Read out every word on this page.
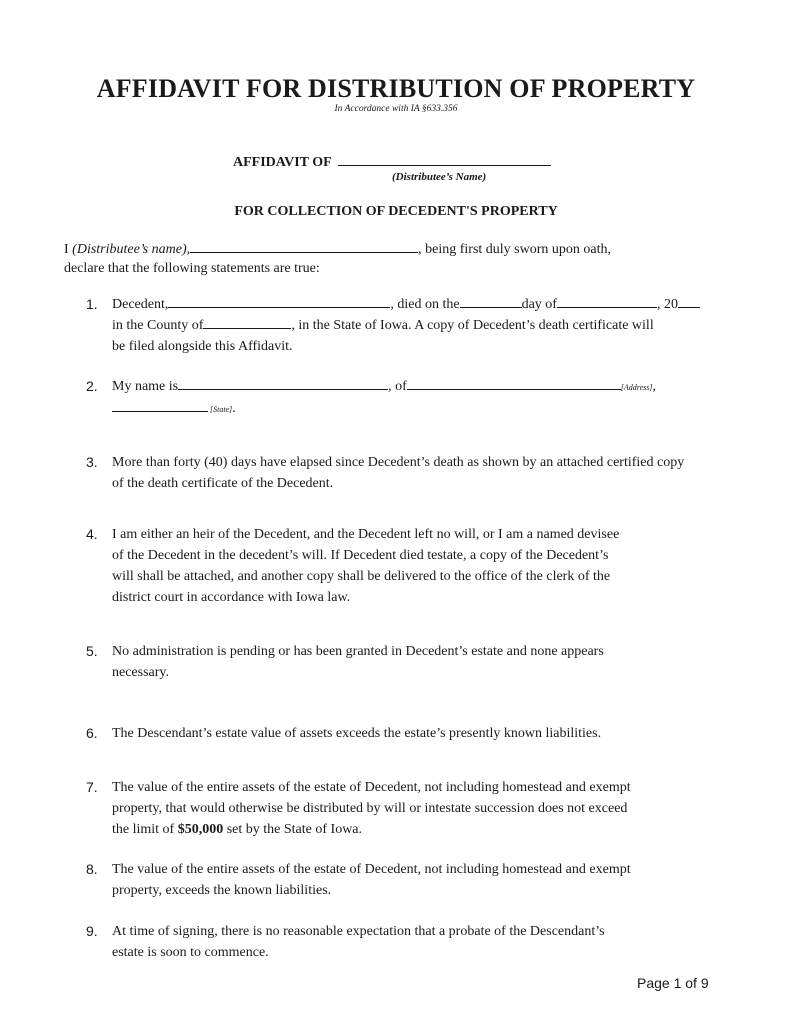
AFFIDAVIT FOR DISTRIBUTION OF PROPERTY
In Accordance with IA §633.356
AFFIDAVIT OF
(Distributee’s Name)
FOR COLLECTION OF DECEDENT'S PROPERTY
I (Distributee’s name),	, being first duly sworn upon oath,
declare that the following statements are true:
1.	Decedent,	, died on the	day of	, 20
in the County of	, in the State of Iowa. A copy of Decedent’s death certificate will
be filed alongside this Affidavit.
2.	My name is	, of	[Address],
[State].
3.	More than forty (40) days have elapsed since Decedent’s death as shown by an attached certified copy
of the death certificate of the Decedent.
4.	I am either an heir of the Decedent, and the Decedent left no will, or I am a named devisee
of the Decedent in the decedent’s will. If Decedent died testate, a copy of the Decedent’s
will shall be attached, and another copy shall be delivered to the office of the clerk of the
district court in accordance with Iowa law.
5.	No administration is pending or has been granted in Decedent’s estate and none appears
necessary.
6.	The Descendant’s estate value of assets exceeds the estate’s presently known liabilities.
7.	The value of the entire assets of the estate of Decedent, not including homestead and exempt
property, that would otherwise be distributed by will or intestate succession does not exceed
the limit of $50,000 set by the State of Iowa.
8.	The value of the entire assets of the estate of Decedent, not including homestead and exempt
property, exceeds the known liabilities.
9.	At time of signing, there is no reasonable expectation that a probate of the Descendant’s
estate is soon to commence.
Page 1 of 9
